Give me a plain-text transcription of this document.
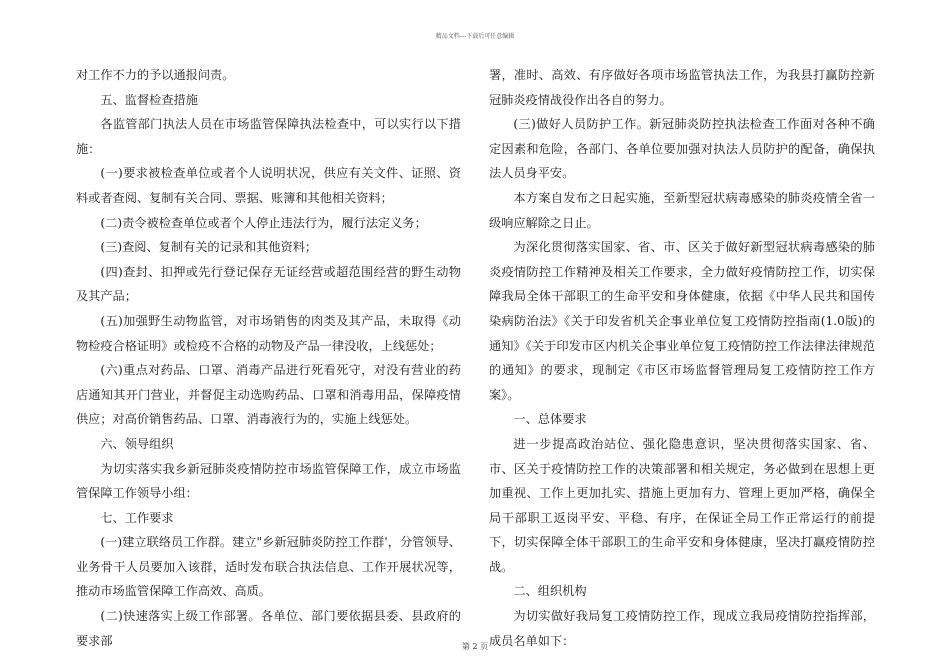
精品文档---下载后可任意编辑

对工作不力的予以通报问责。

五、监督检查措施

各监管部门执法人员在市场监管保障执法检查中，可以实行以下措施：

(一)要求被检查单位或者个人说明状况，供应有关文件、证照、资料或者查阅、复制有关合同、票据、账簿和其他相关资料；

(二)责令被检查单位或者个人停止违法行为，履行法定义务；

(三)查阅、复制有关的记录和其他资料；

(四)查封、扣押或先行登记保存无证经营或超范围经营的野生动物及其产品；

(五)加强野生动物监管，对市场销售的肉类及其产品，未取得《动物检疫合格证明》或检疫不合格的动物及产品一律没收，上线惩处；

(六)重点对药品、口罩、消毒产品进行死看死守，对没有营业的药店通知其开门营业，并督促主动选购药品、口罩和消毒用品，保障疫情供应；对高价销售药品、口罩、消毒液行为的，实施上线惩处。

六、领导组织

为切实落实我乡新冠肺炎疫情防控市场监管保障工作，成立市场监管保障工作领导小组：

七、工作要求

(一)建立联络员工作群。建立"乡新冠肺炎防控工作群'，分管领导、业务骨干人员要加入该群，适时发布联合执法信息、工作开展状况等，推动市场监管保障工作高效、高质。

(二)快速落实上级工作部署。各单位、部门要依据县委、县政府的要求部

署，准时、高效、有序做好各项市场监管执法工作，为我县打赢防控新冠肺炎疫情战役作出各自的努力。

(三)做好人员防护工作。新冠肺炎防控执法检查工作面对各种不确定因素和危险，各部门、各单位要加强对执法人员防护的配备，确保执法人员身平安。

本方案自发布之日起实施，至新型冠状病毒感染的肺炎疫情全省一级响应解除之日止。

为深化贯彻落实国家、省、市、区关于做好新型冠状病毒感染的肺炎疫情防控工作精神及相关工作要求，全力做好疫情防控工作，切实保障我局全体干部职工的生命平安和身体健康，依据《中华人民共和国传染病防治法》《关于印发省机关企事业单位复工疫情防控指南(1.0版)的通知》《关于印发市区内机关企事业单位复工疫情防控工作法律法律规范的通知》的要求，现制定《市区市场监督管理局复工疫情防控工作方案》。

一、总体要求

进一步提高政治站位、强化隐患意识，坚决贯彻落实国家、省、市、区关于疫情防控工作的决策部署和相关规定，务必做到在思想上更加重视、工作上更加扎实、措施上更加有力、管理上更加严格，确保全局干部职工返岗平安、平稳、有序，在保证全局工作正常运行的前提下，切实保障全体干部职工的生命平安和身体健康，坚决打赢疫情防控战。

二、组织机构

为切实做好我局复工疫情防控工作，现成立我局疫情防控指挥部，成员名单如下：

第 2 页
